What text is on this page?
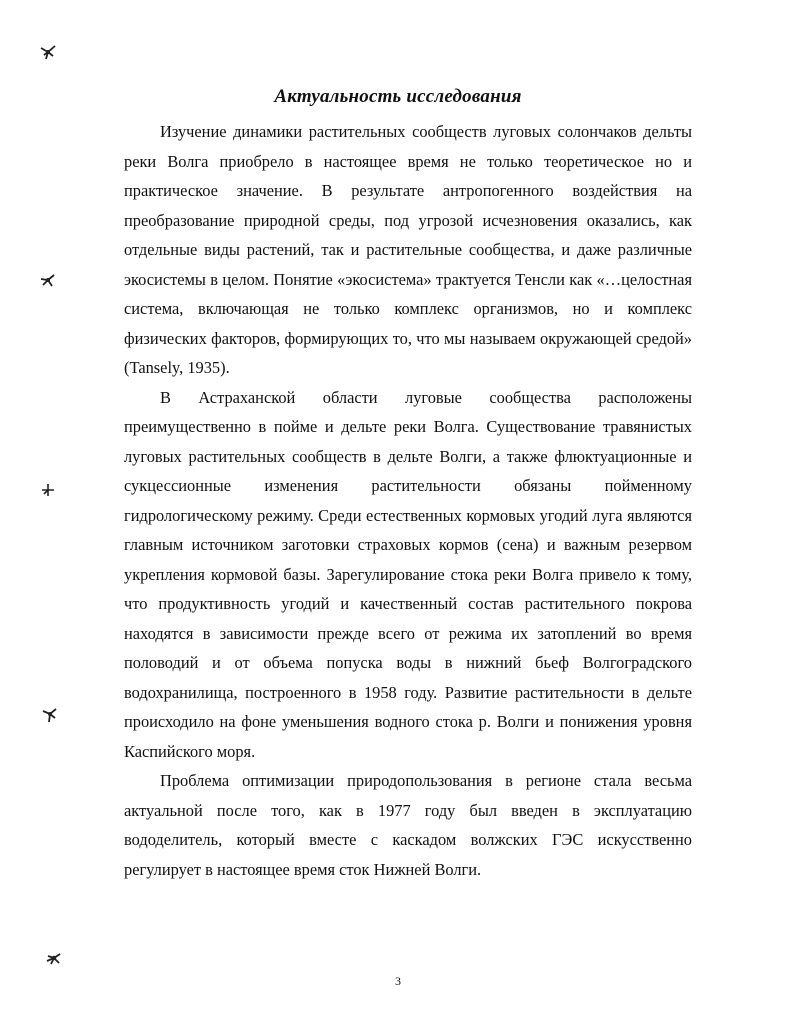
Актуальность исследования

Изучение динамики растительных сообществ луговых солончаков дельты реки Волга приобрело в настоящее время не только теоретическое но и практическое значение. В результате антропогенного воздействия на преобразование природной среды, под угрозой исчезновения оказались, как отдельные виды растений, так и растительные сообщества, и даже различные экосистемы в целом. Понятие «экосистема» трактуется Тенсли как «…целостная система, включающая не только комплекс организмов, но и комплекс физических факторов, формирующих то, что мы называем окружающей средой» (Tansely, 1935).

В Астраханской области луговые сообщества расположены преимущественно в пойме и дельте реки Волга. Существование травянистых луговых растительных сообществ в дельте Волги, а также флюктуационные и сукцессионные изменения растительности обязаны пойменному гидрологическому режиму. Среди естественных кормовых угодий луга являются главным источником заготовки страховых кормов (сена) и важным резервом укрепления кормовой базы. Зарегулирование стока реки Волга привело к тому, что продуктивность угодий и качественный состав растительного покрова находятся в зависимости прежде всего от режима их затоплений во время половодий и от объема попуска воды в нижний бьеф Волгоградского водохранилища, построенного в 1958 году. Развитие растительности в дельте происходило на фоне уменьшения водного стока р. Волги и понижения уровня Каспийского моря.

Проблема оптимизации природопользования в регионе стала весьма актуальной после того, как в 1977 году был введен в эксплуатацию вододелитель, который вместе с каскадом волжских ГЭС искусственно регулирует в настоящее время сток Нижней Волги.

3
